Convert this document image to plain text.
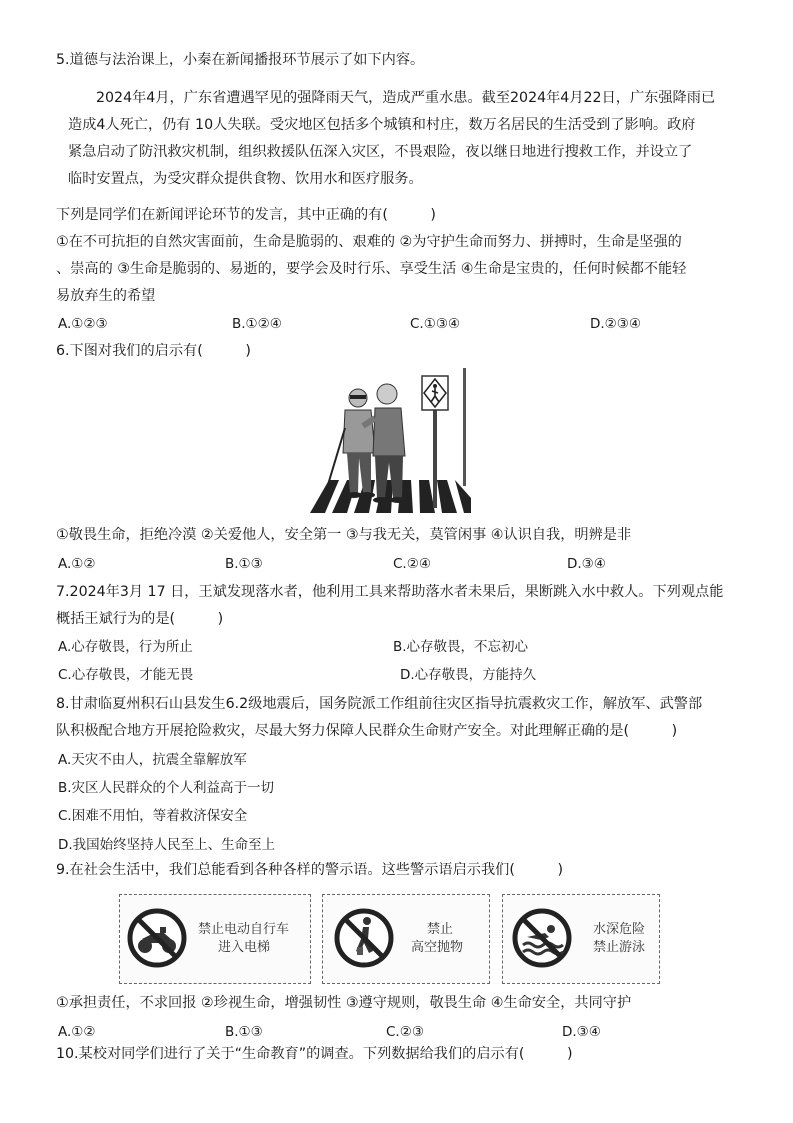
5.道德与法治课上，小秦在新闻播报环节展示了如下内容。
2024年4月，广东省遭遇罕见的强降雨天气，造成严重水患。截至2024年4月22日，广东强降雨已
造成4人死亡，仍有 10人失联。受灾地区包括多个城镇和村庄，数万名居民的生活受到了影响。政府
紧急启动了防汛救灾机制，组织救援队伍深入灾区，不畏艰险，夜以继日地进行搜救工作，并设立了
临时安置点，为受灾群众提供食物、饮用水和医疗服务。
下列是同学们在新闻评论环节的发言，其中正确的有(　　　)
①在不可抗拒的自然灾害面前，生命是脆弱的、艰难的 ②为守护生命而努力、拼搏时，生命是坚强的
、崇高的 ③生命是脆弱的、易逝的，要学会及时行乐、享受生活 ④生命是宝贵的，任何时候都不能轻
易放弃生的希望
A.①②③	B.①②④	C.①③④	D.②③④
6.下图对我们的启示有(　　　)
①敬畏生命，拒绝冷漠 ②关爱他人，安全第一 ③与我无关，莫管闲事 ④认识自我，明辨是非
A.①②	B.①③	C.②④	D.③④
7.2024年3月 17 日，王斌发现落水者，他利用工具来帮助落水者未果后，果断跳入水中救人。下列观点能
概括王斌行为的是(　　　)
A.心存敬畏，行为所止	B.心存敬畏，不忘初心
C.心存敬畏，才能无畏	D.心存敬畏，方能持久
8.甘肃临夏州积石山县发生6.2级地震后，国务院派工作组前往灾区指导抗震救灾工作，解放军、武警部
队积极配合地方开展抢险救灾，尽最大努力保障人民群众生命财产安全。对此理解正确的是(　　　)
A.天灾不由人，抗震全靠解放军
B.灾区人民群众的个人利益高于一切
C.困难不用怕，等着救济保安全
D.我国始终坚持人民至上、生命至上
9.在社会生活中，我们总能看到各种各样的警示语。这些警示语启示我们(　　　)
禁止电动自行车
进入电梯
禁止
高空抛物
水深危险
禁止游泳
①承担责任，不求回报 ②珍视生命，增强韧性 ③遵守规则，敬畏生命 ④生命安全，共同守护
A.①②	B.①③	C.②③	D.③④
10.某校对同学们进行了关于“生命教育”的调查。下列数据给我们的启示有(　　　)
